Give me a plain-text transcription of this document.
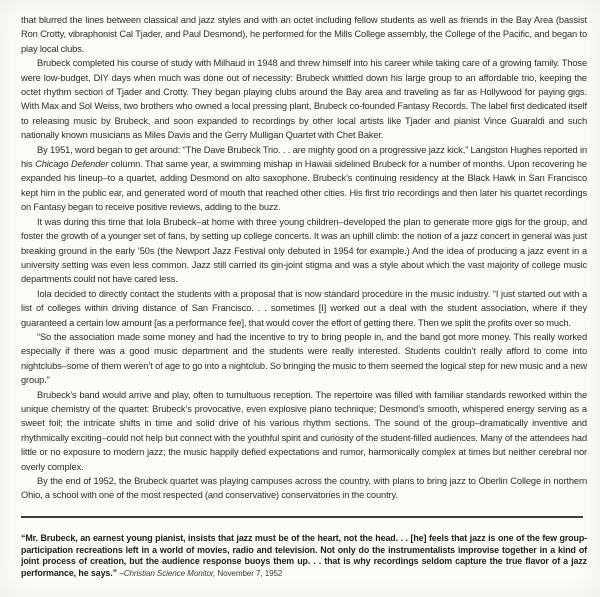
that blurred the lines between classical and jazz styles and with an octet including fellow students as well as friends in the Bay Area (bassist Ron Crotty, vibraphonist Cal Tjader, and Paul Desmond), he performed for the Mills College assembly, the College of the Pacific, and began to play local clubs.

Brubeck completed his course of study with Milhaud in 1948 and threw himself into his career while taking care of a growing family. Those were low-budget, DIY days when much was done out of necessity: Brubeck whittled down his large group to an affordable trio, keeping the octet rhythm section of Tjader and Crotty. They began playing clubs around the Bay area and traveling as far as Hollywood for paying gigs. With Max and Sol Weiss, two brothers who owned a local pressing plant, Brubeck co-founded Fantasy Records. The label first dedicated itself to releasing music by Brubeck, and soon expanded to recordings by other local artists like Tjader and pianist Vince Guaraldi and such nationally known musicians as Miles Davis and the Gerry Mulligan Quartet with Chet Baker.

By 1951, word began to get around: “The Dave Brubeck Trio. . . are mighty good on a progressive jazz kick,” Langston Hughes reported in his Chicago Defender column. That same year, a swimming mishap in Hawaii sidelined Brubeck for a number of months. Upon recovering he expanded his lineup–to a quartet, adding Desmond on alto saxophone. Brubeck’s continuing residency at the Black Hawk in San Francisco kept him in the public ear, and generated word of mouth that reached other cities. His first trio recordings and then later his quartet recordings on Fantasy began to receive positive reviews, adding to the buzz.

It was during this time that Iola Brubeck–at home with three young children–developed the plan to generate more gigs for the group, and foster the growth of a younger set of fans, by setting up college concerts. It was an uphill climb: the notion of a jazz concert in general was just breaking ground in the early ’50s (the Newport Jazz Festival only debuted in 1954 for example.) And the idea of producing a jazz event in a university setting was even less common. Jazz still carried its gin-joint stigma and was a style about which the vast majority of college music departments could not have cared less.

Iola decided to directly contact the students with a proposal that is now standard procedure in the music industry. “I just started out with a list of colleges within driving distance of San Francisco. . . sometimes [I] worked out a deal with the student association, where if they guaranteed a certain low amount [as a performance fee], that would cover the effort of getting there. Then we split the profits over so much.

“So the association made some money and had the incentive to try to bring people in, and the band got more money. This really worked especially if there was a good music department and the students were really interested. Students couldn’t really afford to come into nightclubs–some of them weren’t of age to go into a nightclub. So bringing the music to them seemed the logical step for new music and a new group.”

Brubeck’s band would arrive and play, often to tumultuous reception. The repertoire was filled with familiar standards reworked within the unique chemistry of the quartet: Brubeck’s provocative, even explosive piano technique; Desmond’s smooth, whispered energy serving as a sweet foil; the intricate shifts in time and solid drive of his various rhythm sections. The sound of the group–dramatically inventive and rhythmically exciting–could not help but connect with the youthful spirit and curiosity of the student-filled audiences. Many of the attendees had little or no exposure to modern jazz; the music happily defied expectations and rumor, harmonically complex at times but neither cerebral nor overly complex.

By the end of 1952, the Brubeck quartet was playing campuses across the country, with plans to bring jazz to Oberlin College in northern Ohio, a school with one of the most respected (and conservative) conservatories in the country.

“Mr. Brubeck, an earnest young pianist, insists that jazz must be of the heart, not the head. . . [he] feels that jazz is one of the few group-participation recreations left in a world of movies, radio and television. Not only do the instrumentalists improvise together in a kind of joint process of creation, but the audience response buoys them up. . . that is why recordings seldom capture the true flavor of a jazz performance, he says.” –Christian Science Monitor, November 7, 1952
